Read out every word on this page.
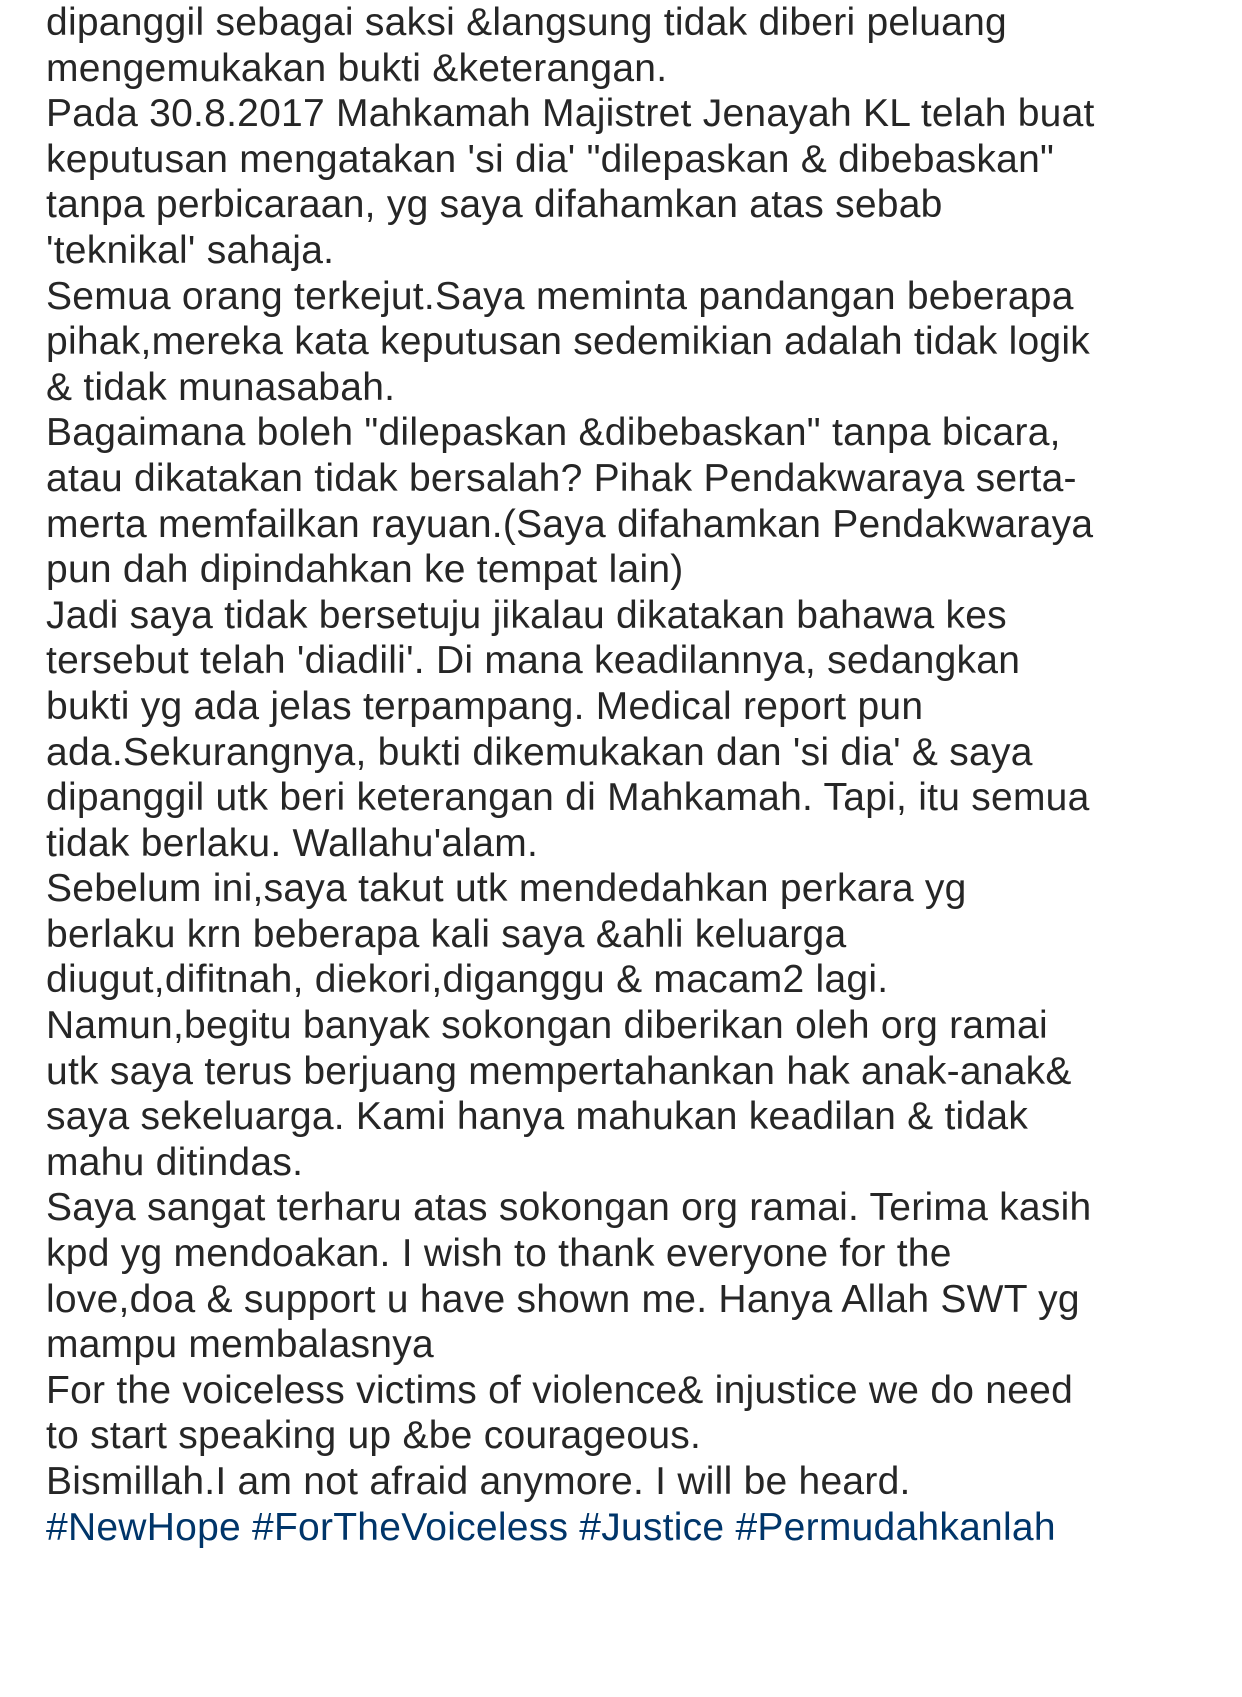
dipanggil sebagai saksi &langsung tidak diberi peluang
mengemukakan bukti &keterangan.
Pada 30.8.2017 Mahkamah Majistret Jenayah KL telah buat
keputusan mengatakan 'si dia' "dilepaskan & dibebaskan"
tanpa perbicaraan, yg saya difahamkan atas sebab
'teknikal' sahaja.
Semua orang terkejut.Saya meminta pandangan beberapa
pihak,mereka kata keputusan sedemikian adalah tidak logik
& tidak munasabah.
Bagaimana boleh "dilepaskan &dibebaskan" tanpa bicara,
atau dikatakan tidak bersalah? Pihak Pendakwaraya serta-
merta memfailkan rayuan.(Saya difahamkan Pendakwaraya
pun dah dipindahkan ke tempat lain)
Jadi saya tidak bersetuju jikalau dikatakan bahawa kes
tersebut telah 'diadili'. Di mana keadilannya, sedangkan
bukti yg ada jelas terpampang. Medical report pun
ada.Sekurangnya, bukti dikemukakan dan 'si dia' & saya
dipanggil utk beri keterangan di Mahkamah. Tapi, itu semua
tidak berlaku. Wallahu'alam.
Sebelum ini,saya takut utk mendedahkan perkara yg
berlaku krn beberapa kali saya &ahli keluarga
diugut,difitnah, diekori,diganggu & macam2 lagi.
Namun,begitu banyak sokongan diberikan oleh org ramai
utk saya terus berjuang mempertahankan hak anak-anak&
saya sekeluarga. Kami hanya mahukan keadilan & tidak
mahu ditindas.
Saya sangat terharu atas sokongan org ramai. Terima kasih
kpd yg mendoakan. I wish to thank everyone for the
love,doa & support u have shown me. Hanya Allah SWT yg
mampu membalasnya
For the voiceless victims of violence& injustice we do need
to start speaking up &be courageous.
Bismillah.I am not afraid anymore. I will be heard.
#NewHope #ForTheVoiceless #Justice #Permudahkanlah
